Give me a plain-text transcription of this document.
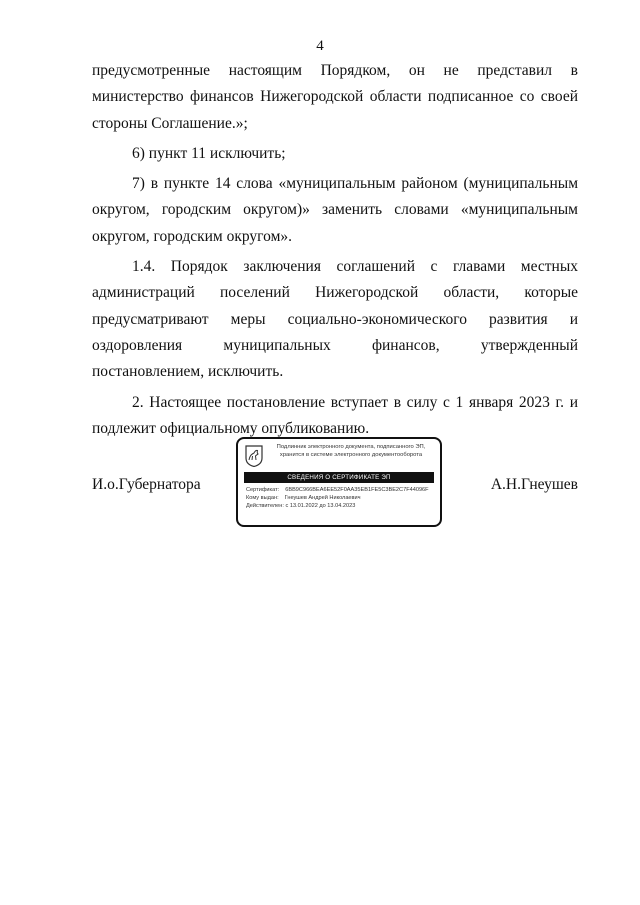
4

предусмотренные настоящим Порядком, он не представил в министерство финансов Нижегородской области подписанное со своей стороны Соглашение.»;

6) пункт 11 исключить;

7) в пункте 14 слова «муниципальным районом (муниципальным округом, городским округом)» заменить словами «муниципальным округом, городским округом».

1.4. Порядок заключения соглашений с главами местных администраций поселений Нижегородской области, которые предусматривают меры социально-экономического развития и оздоровления муниципальных финансов, утвержденный постановлением, исключить.

2. Настоящее постановление вступает в силу с 1 января 2023 г. и подлежит официальному опубликованию.

И.о.Губернатора	А.Н.Гнеушев
Подлинник электронного документа, подписанного ЭП, хранится в системе электронного документооборота
СВЕДЕНИЯ О СЕРТИФИКАТЕ ЭП
Сертификат: 6BB9C966BEA6EE52F0AA35EB1FE5C3BE2C7F44096F
Кому выдан: Гнеушев Андрей Николаевич
Действителен: с 13.01.2022 до 13.04.2023
